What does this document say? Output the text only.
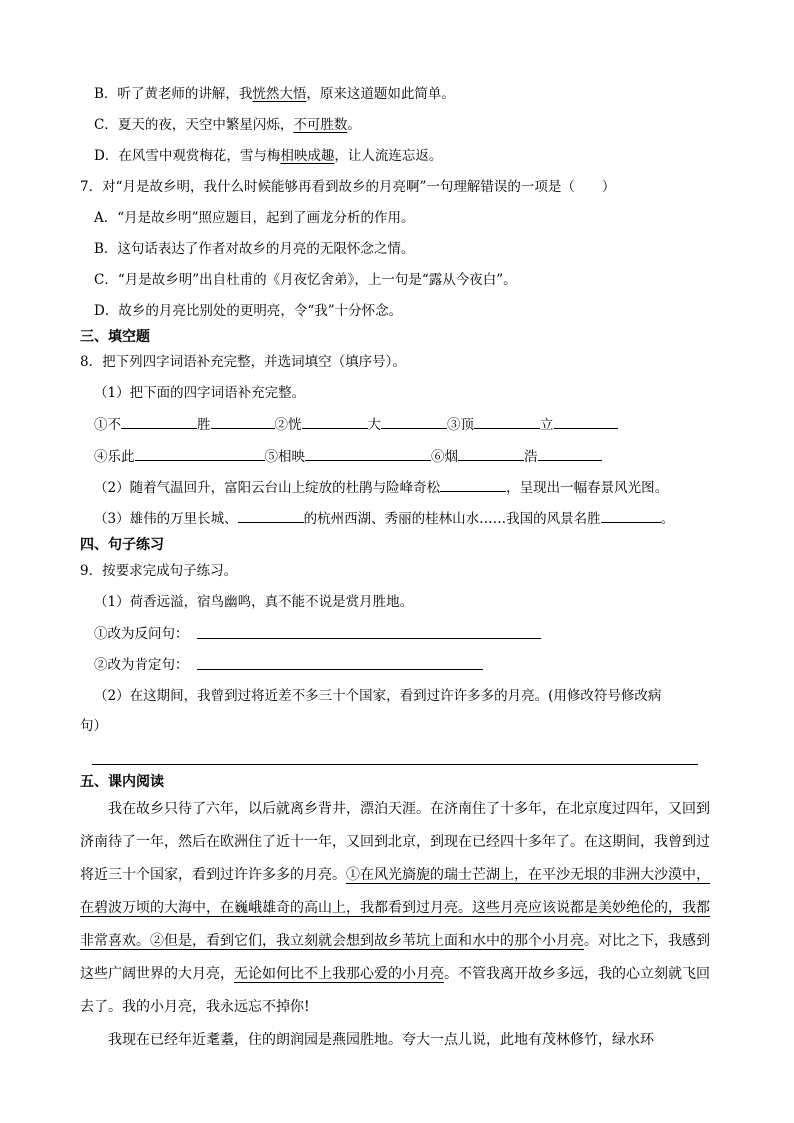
B．听了黄老师的讲解，我恍然大悟，原来这道题如此简单。
C．夏天的夜，天空中繁星闪烁，不可胜数。
D．在风雪中观赏梅花，雪与梅相映成趣，让人流连忘返。
7．对“月是故乡明，我什么时候能够再看到故乡的月亮啊”一句理解错误的一项是（　　）
A．“月是故乡明”照应题目，起到了画龙分析的作用。
B．这句话表达了作者对故乡的月亮的无限怀念之情。
C．“月是故乡明”出自杜甫的《月夜忆舍弟》，上一句是“露从今夜白”。
D．故乡的月亮比别处的更明亮，令“我”十分怀念。
三、填空题
8．把下列四字词语补充完整，并选词填空（填序号）。
（1）把下面的四字词语补充完整。
①不	胜	②恍	大	③顶	立
④乐此	⑤相映	⑥烟	浩
（2）随着气温回升，富阳云台山上绽放的杜鹃与险峰奇松	，呈现出一幅春景风光图。
（3）雄伟的万里长城、	的杭州西湖、秀丽的桂林山水……我国的风景名胜	。
四、句子练习
9．按要求完成句子练习。
（1）荷香远溢，宿鸟幽鸣，真不能不说是赏月胜地。
①改为反问句：
②改为肯定句：
（2）在这期间，我曾到过将近差不多三十个国家，看到过许许多多的月亮。(用修改符号修改病
句）
五、课内阅读

我在故乡只待了六年，以后就离乡背井，漂泊天涯。在济南住了十多年，在北京度过四年，又回到济南待了一年，然后在欧洲住了近十一年，又回到北京，到现在已经四十多年了。在这期间，我曾到过将近三十个国家，看到过许许多多的月亮。①在风光旖旎的瑞士芒湖上，在平沙无垠的非洲大沙漠中，在碧波万顷的大海中，在巍峨雄奇的高山上，我都看到过月亮。这些月亮应该说都是美妙绝伦的，我都非常喜欢。②但是，看到它们，我立刻就会想到故乡苇坑上面和水中的那个小月亮。对比之下，我感到这些广阔世界的大月亮，无论如何比不上我那心爱的小月亮。不管我离开故乡多远，我的心立刻就飞回去了。我的小月亮，我永远忘不掉你!

我现在已经年近耄耋，住的朗润园是燕园胜地。夸大一点儿说，此地有茂林修竹，绿水环
